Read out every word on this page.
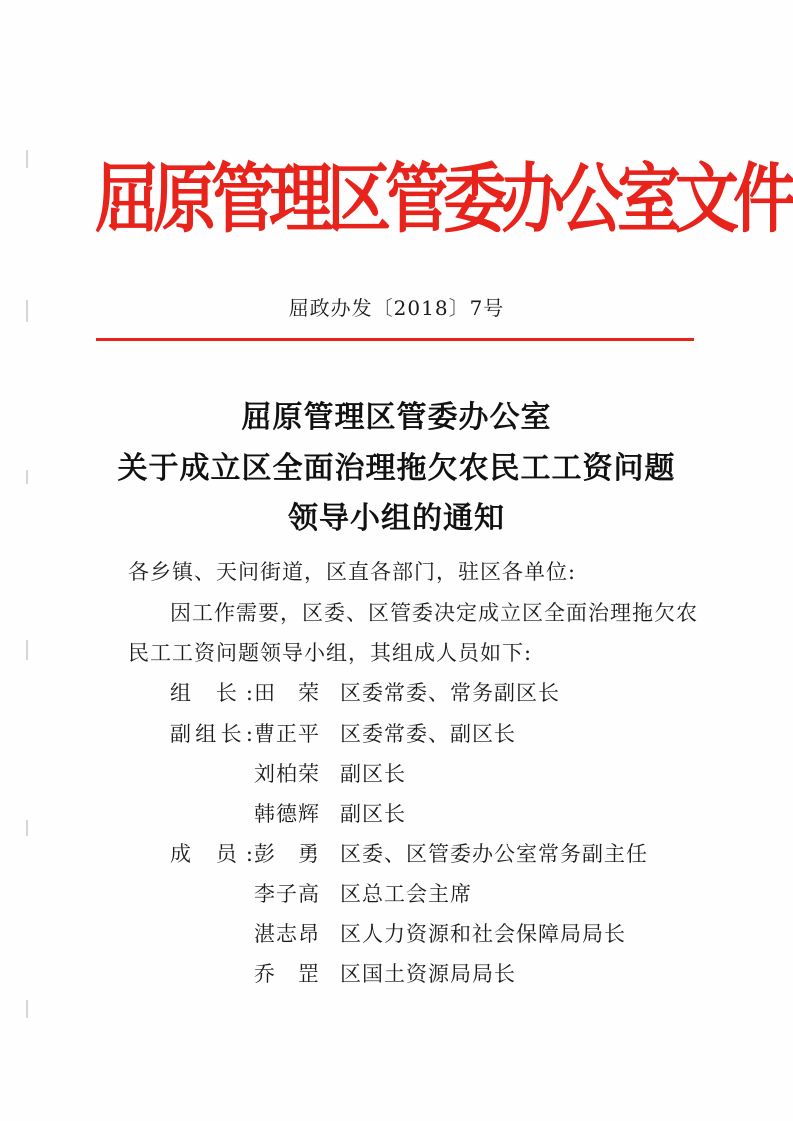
屈原管理区管委办公室文件
屈政办发〔2018〕7号
屈原管理区管委办公室
关于成立区全面治理拖欠农民工工资问题
领导小组的通知
各乡镇、天问街道，区直各部门，驻区各单位:
因工作需要，区委、区管委决定成立区全面治理拖欠农
民工工资问题领导小组，其组成人员如下:
组 长: 田 荣 区委常委、常务副区长
副组长: 曹正平 区委常委、副区长
刘柏荣 副区长
韩德辉 副区长
成 员: 彭 勇 区委、区管委办公室常务副主任
李子高 区总工会主席
湛志昂 区人力资源和社会保障局局长
乔 罡 区国土资源局局长
